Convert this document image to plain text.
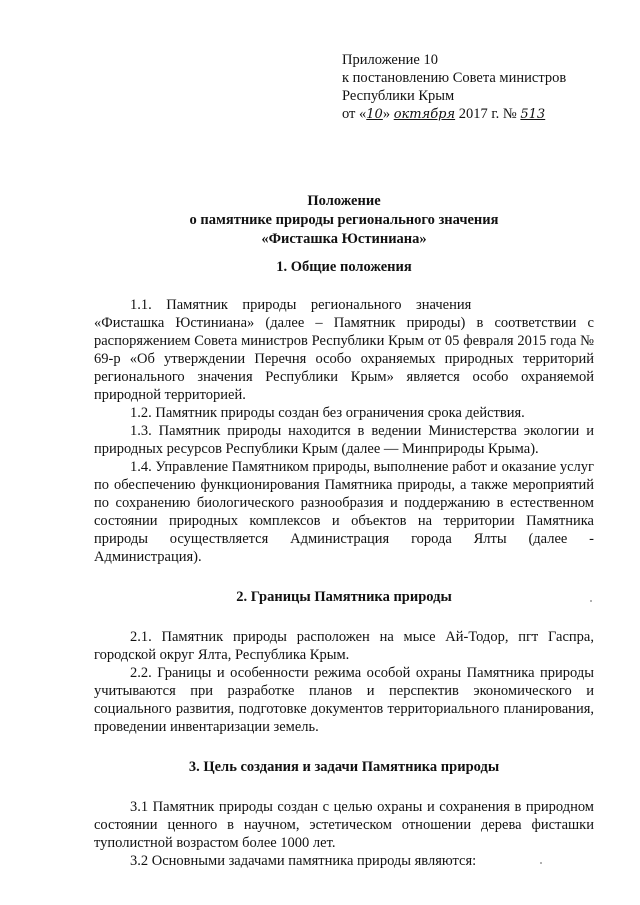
Приложение 10
к постановлению Совета министров
Республики Крым
от «10» октября 2017 г. № 513
Положение
о памятнике природы регионального значения
«Фисташка Юстиниана»
1. Общие положения

1.1. Памятник природы регионального значения

«Фисташка Юстиниана» (далее – Памятник природы) в соответствии с распоряжением Совета министров Республики Крым от 05 февраля 2015 года № 69-р «Об утверждении Перечня особо охраняемых природных территорий регионального значения Республики Крым» является особо охраняемой природной территорией.

1.2. Памятник природы создан без ограничения срока действия.

1.3. Памятник природы находится в ведении Министерства экологии и природных ресурсов Республики Крым (далее — Минприроды Крыма).

1.4. Управление Памятником природы, выполнение работ и оказание услуг по обеспечению функционирования Памятника природы, а также мероприятий по сохранению биологического разнообразия и поддержанию в естественном состоянии природных комплексов и объектов на территории Памятника природы осуществляется Администрация города Ялты (далее - Администрация).

2. Границы Памятника природы

2.1. Памятник природы расположен на мысе Ай-Тодор, пгт Гаспра, городской округ Ялта, Республика Крым.

2.2. Границы и особенности режима особой охраны Памятника природы учитываются при разработке планов и перспектив экономического и социального развития, подготовке документов территориального планирования, проведении инвентаризации земель.

3. Цель создания и задачи Памятника природы

3.1 Памятник природы создан с целью охраны и сохранения в природном состоянии ценного в научном, эстетическом отношении дерева фисташки туполистной возрастом более 1000 лет.

3.2 Основными задачами памятника природы являются:
